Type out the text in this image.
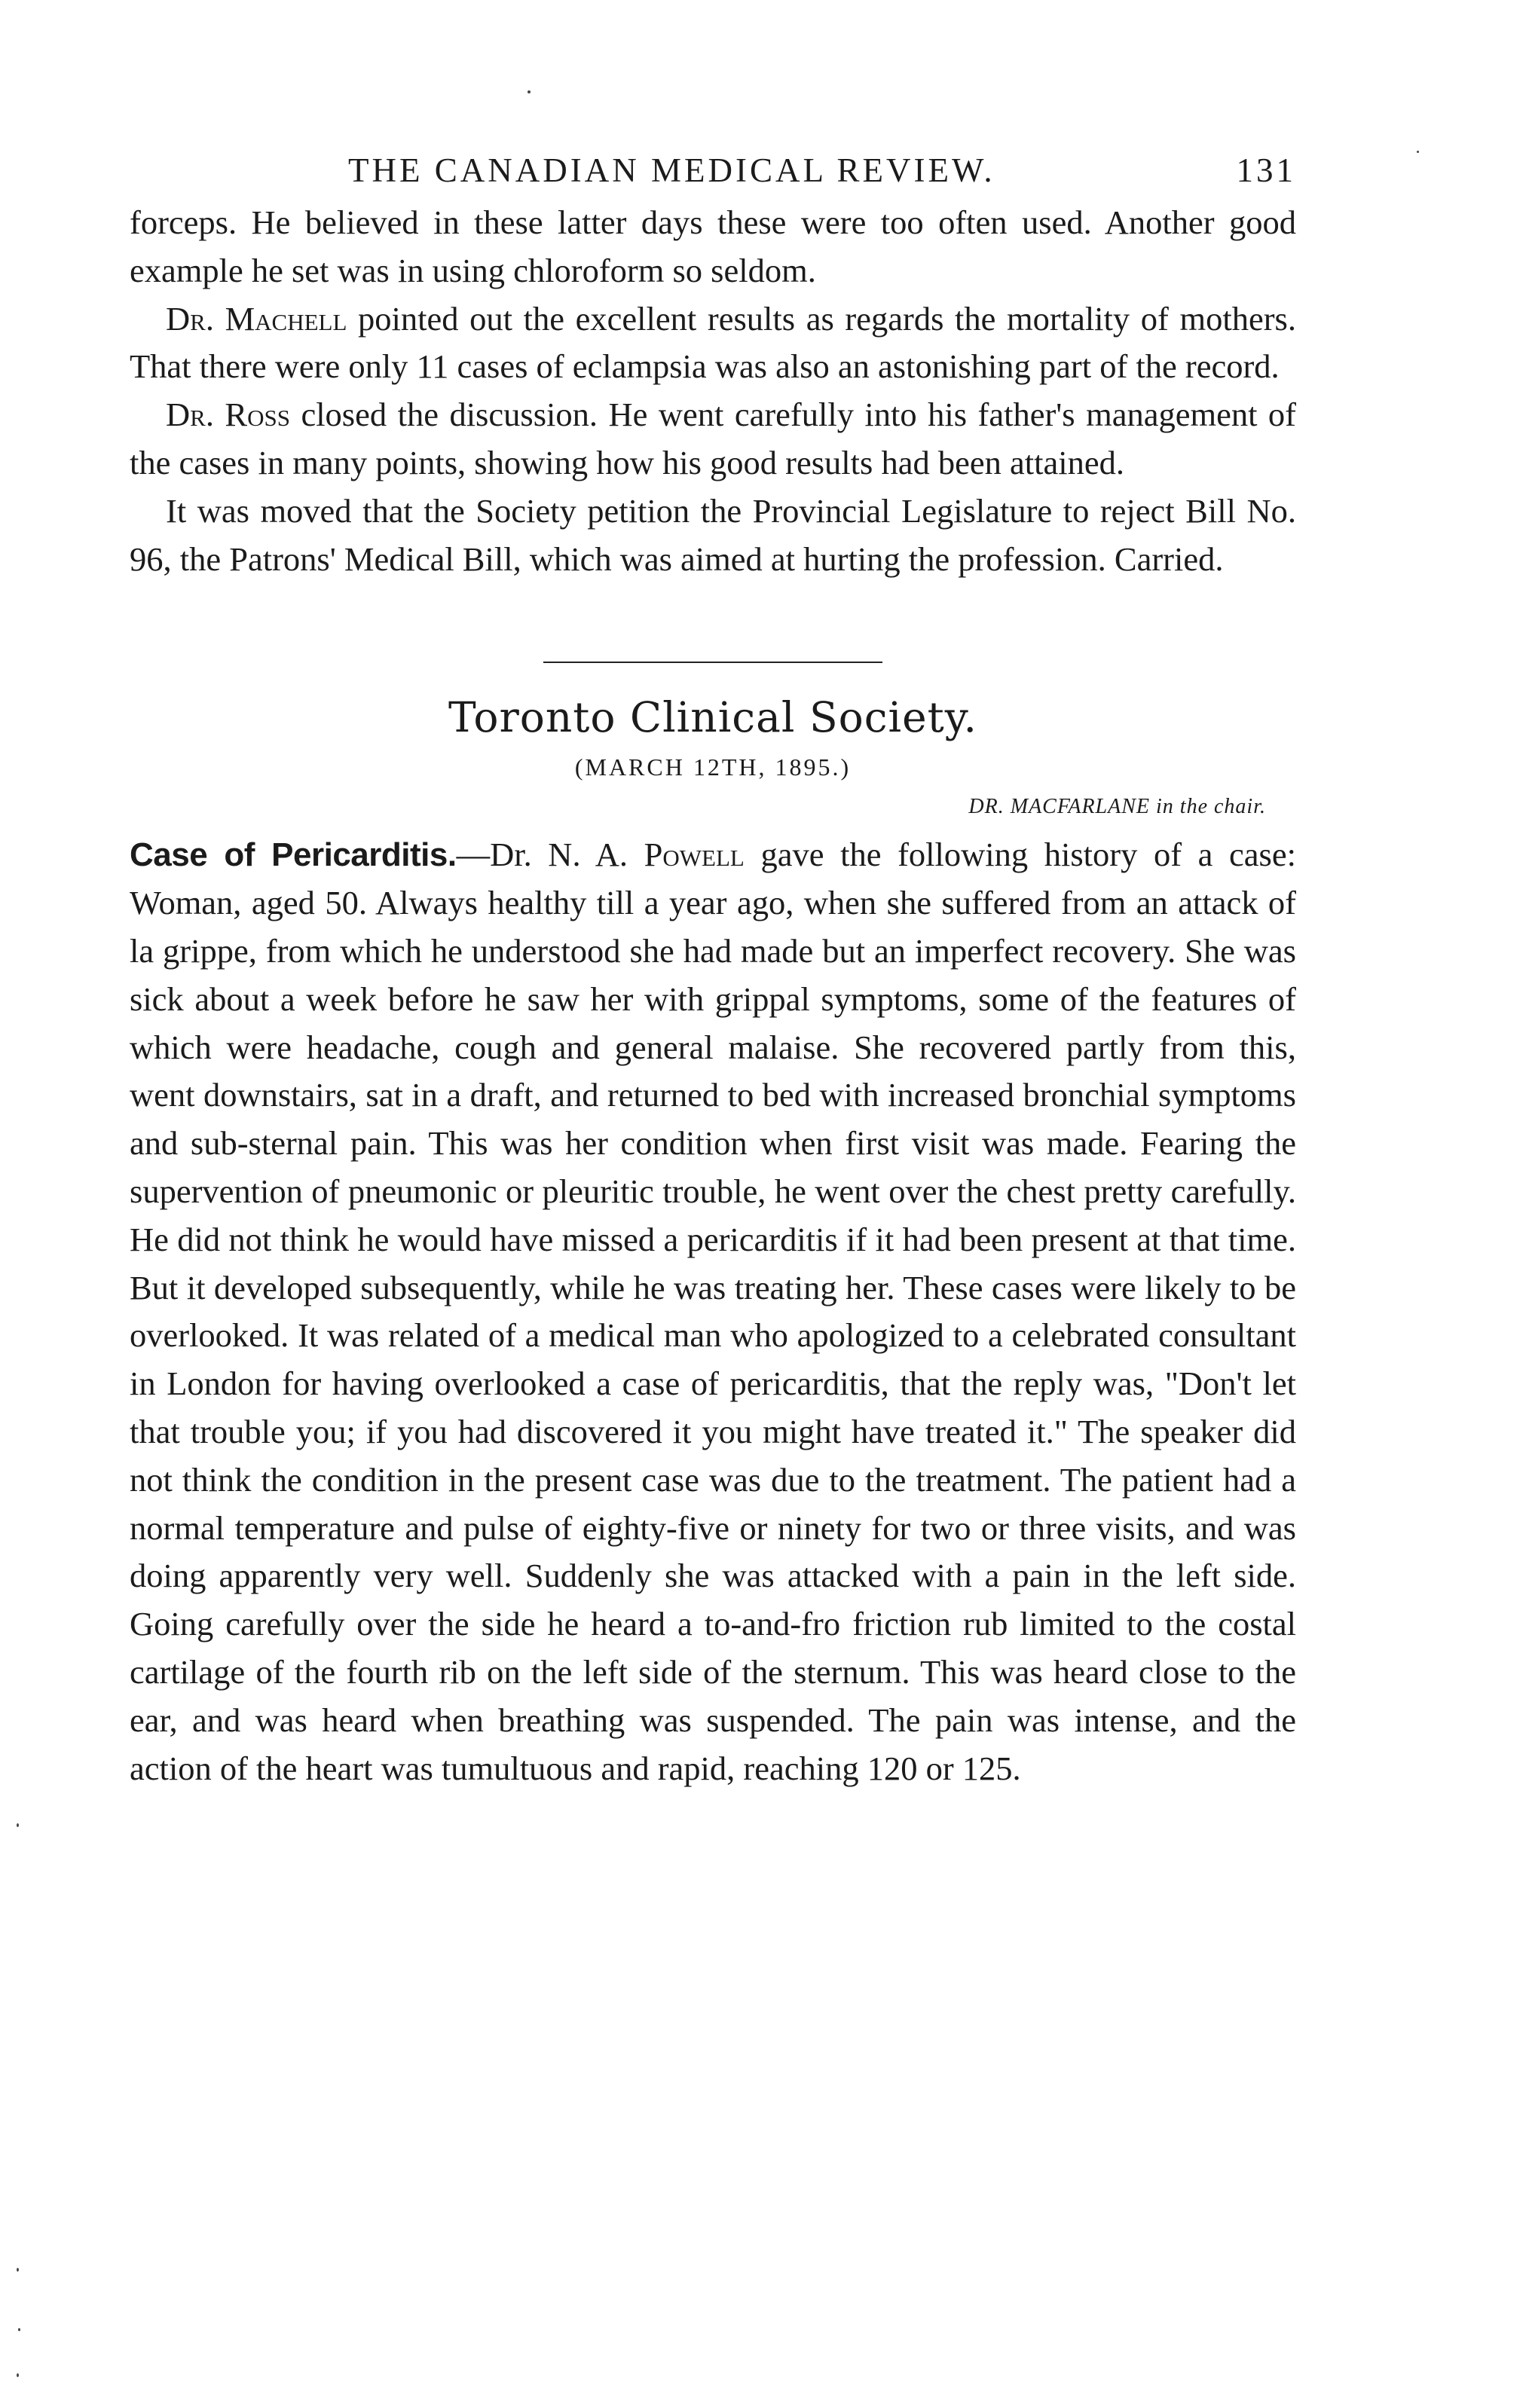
THE CANADIAN MEDICAL REVIEW.	131

forceps. He believed in these latter days these were too often used. Another good example he set was in using chloroform so seldom.

Dr. Machell pointed out the excellent results as regards the mortality of mothers. That there were only 11 cases of eclampsia was also an astonishing part of the record.

Dr. Ross closed the discussion. He went carefully into his father's management of the cases in many points, showing how his good results had been attained.

It was moved that the Society petition the Provincial Legislature to reject Bill No. 96, the Patrons' Medical Bill, which was aimed at hurting the profession. Carried.

Toronto Clinical Society.
(MARCH 12TH, 1895.)
DR. MACFARLANE in the chair.

Case of Pericarditis.—Dr. N. A. Powell gave the following history of a case: Woman, aged 50. Always healthy till a year ago, when she suffered from an attack of la grippe, from which he understood she had made but an imperfect recovery. She was sick about a week before he saw her with grippal symptoms, some of the features of which were headache, cough and general malaise. She recovered partly from this, went downstairs, sat in a draft, and returned to bed with increased bronchial symptoms and sub-sternal pain. This was her condition when first visit was made. Fearing the supervention of pneumonic or pleuritic trouble, he went over the chest pretty carefully. He did not think he would have missed a pericarditis if it had been present at that time. But it developed subsequently, while he was treating her. These cases were likely to be overlooked. It was related of a medical man who apologized to a celebrated consultant in London for having overlooked a case of pericarditis, that the reply was, "Don't let that trouble you; if you had discovered it you might have treated it." The speaker did not think the condition in the present case was due to the treatment. The patient had a normal temperature and pulse of eighty-five or ninety for two or three visits, and was doing apparently very well. Suddenly she was attacked with a pain in the left side. Going carefully over the side he heard a to-and-fro friction rub limited to the costal cartilage of the fourth rib on the left side of the sternum. This was heard close to the ear, and was heard when breathing was suspended. The pain was intense, and the action of the heart was tumultuous and rapid, reaching 120 or 125.
